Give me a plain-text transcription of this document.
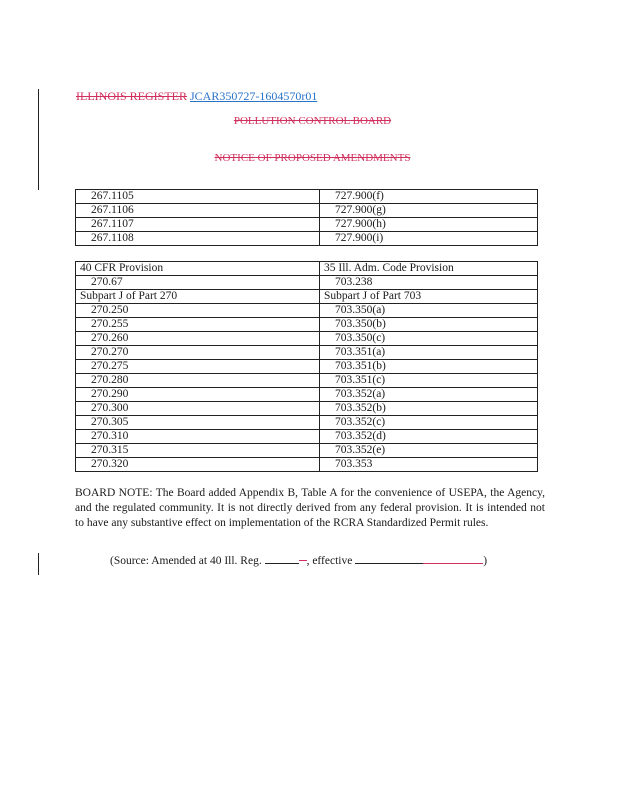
ILLINOIS REGISTER JCAR350727-1604570r01
POLLUTION CONTROL BOARD
NOTICE OF PROPOSED AMENDMENTS
267.1105	727.900(f)
267.1106	727.900(g)
267.1107	727.900(h)
267.1108	727.900(i)
40 CFR Provision	35 Ill. Adm. Code Provision
270.67	703.238
Subpart J of Part 270	Subpart J of Part 703
270.250	703.350(a)
270.255	703.350(b)
270.260	703.350(c)
270.270	703.351(a)
270.275	703.351(b)
270.280	703.351(c)
270.290	703.352(a)
270.300	703.352(b)
270.305	703.352(c)
270.310	703.352(d)
270.315	703.352(e)
270.320	703.353
BOARD NOTE: The Board added Appendix B, Table A for the convenience of USEPA, the Agency, and the regulated community. It is not directly derived from any federal provision. It is intended not to have any substantive effect on implementation of the RCRA Standardized Permit rules.
(Source: Amended at 40 Ill. Reg.	, effective	)
